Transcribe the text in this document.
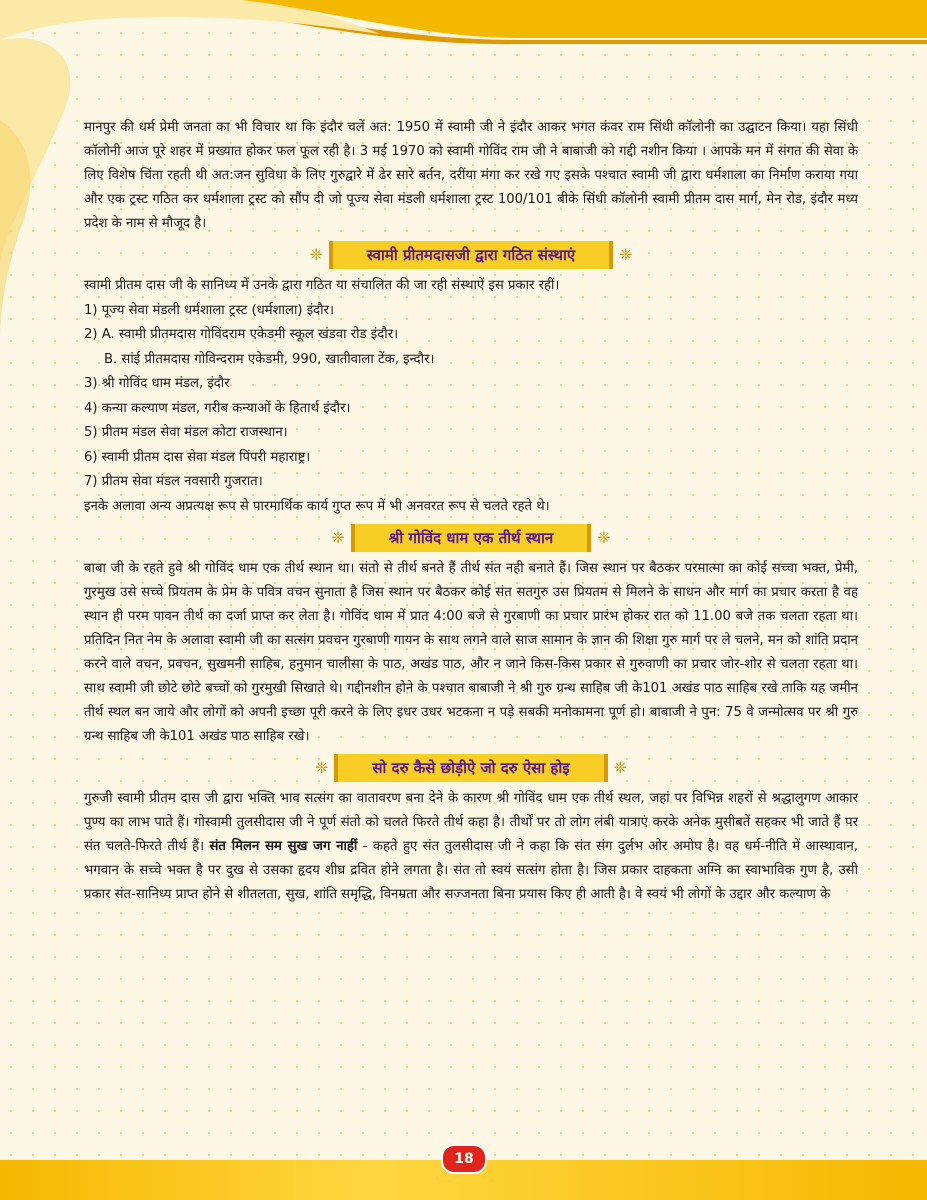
मानपुर की धर्म प्रेमी जनता का भी विचार था कि इंदौर चलें अत: 1950 में स्वामी जी ने इंदौर आकर भगत कंवर राम सिंधी कॉलोनी का उद्घाटन किया। यहा सिंधी कॉलोनी आज पूरे शहर में प्रख्यात होकर फल फूल रही है। 3 मई 1970 को स्वामी गोविंद राम जी ने बाबाजी को गद्दी नशीन किया । आपके मन में संगत की सेवा के लिए विशेष चिंता रहती थी अत:जन सुविधा के लिए गुरुद्वारे में ढेर सारे बर्तन, दरींया मंगा कर रखे गए इसके पश्चात स्वामी जी द्वारा धर्मशाला का निर्माण कराया गया और एक ट्रस्ट गठित कर धर्मशाला ट्रस्ट को सौंप दी जो पूज्य सेवा मंडली धर्मशाला ट्रस्ट 100/101 बीके सिंधी कॉलोनी स्वामी प्रीतम दास मार्ग, मेन रोड, इंदौर मध्य प्रदेश के नाम से मौजूद है।

❈	स्वामी प्रीतमदासजी द्वारा गठित संस्थाएं	❈

स्वामी प्रीतम दास जी के सानिध्य में उनके द्वारा गठित या संचालित की जा रही संस्थाऐं इस प्रकार रहीं।

1) पूज्य सेवा मंडली धर्मशाला ट्रस्ट (धर्मशाला) इंदौर।

2) A. स्वामी प्रीतमदास गोविंदराम एकेडमी स्कूल खंडवा रोड इंदौर।

B. सांई प्रीतमदास गोविन्दराम एकेडमी, 990, खातीवाला टेंक, इन्दौर।

3) श्री गोविंद धाम मंडल, इंदौर

4) कन्या कल्याण मंडल, गरीब कन्याओं के हितार्थ इंदौर।

5) प्रीतम मंडल सेवा मंडल कोटा राजस्थान।

6) स्वामी प्रीतम दास सेवा मंडल पिंपरी महाराष्ट्र।

7) प्रीतम सेवा मंडल नवसारी गुजरात।

इनके अलावा अन्य अप्रत्यक्ष रूप से पारमार्थिक कार्य गुप्त रूप में भी अनवरत रूप से चलते रहते थे।

❈	श्री गोविंद धाम एक तीर्थ स्थान	❈

बाबा जी के रहते हुवे श्री गोविंद धाम एक तीर्थ स्थान था। संतो से तीर्थ बनते हैं तीर्थ संत नही बनाते हैं। जिस स्थान पर बैठकर परमात्मा का कोई सच्चा भक्त, प्रेमी, गुरमुख उसे सच्चे प्रियतम के प्रेम के पवित्र वचन सुनाता है जिस स्थान पर बैठकर कोई संत सतगुरु उस प्रियतम से मिलने के साधन और मार्ग का प्रचार करता है वह स्थान ही परम पावन तीर्थ का दर्जा प्राप्त कर लेता है। गोविंद धाम में प्रात 4:00 बजे से गुरबाणी का प्रचार प्रारंभ होकर रात को 11.00 बजे तक चलता रहता था। प्रतिदिन नित नेम के अलावा स्वामी जी का सत्संग प्रवचन गुरबाणी गायन के साथ लगने वाले साज सामान के ज्ञान की शिक्षा गुरु मार्ग पर ले चलने, मन को शांति प्रदान करने वाले वचन, प्रवचन, सुखमनी साहिब, हनुमान चालीसा के पाठ, अखंड पाठ, और न जाने किस-किस प्रकार से गुरुवाणी का प्रचार जोर-शोर से चलता रहता था। साथ स्वामी जी छोटे छोटे बच्चों को गुरमुखी सिखाते थे। गद्दीनशीन होने के पश्चात बाबाजी ने श्री गुरु ग्रन्थ साहिब जी के101 अखंड पाठ साहिब रखे ताकि यह जमीन तीर्थ स्थल बन जाये और लोगों को अपनी इच्छा पूरी करने के लिए इधर उधर भटकना न पड़े सबकी मनोकामना पूर्ण हो। बाबाजी ने पुन: 75 वे जन्मोत्सव पर श्री गुरु ग्रन्थ साहिब जी के101 अखंड पाठ साहिब रखे।

❈	सो दरु कैसे छोड़ीऐ जो दरु ऐसा होइ	❈

गुरुजी स्वामी प्रीतम दास जी द्वारा भक्ति भाव सत्संग का वातावरण बना देने के कारण श्री गोविंद धाम एक तीर्थ स्थल, जहां पर विभिन्न शहरों से श्रद्धालुगण आकार पुण्य का लाभ पाते हैं। गोस्वामी तुलसीदास जी ने पूर्ण संतो को चलते फिरते तीर्थ कहा है। तीर्थों पर तो लोग लंबी यात्राएं करके अनेक मुसीबतें सहकर भी जाते हैं पर संत चलते-फिरते तीर्थ हैं। संत मिलन सम सुख जग नाहीं - कहते हुए संत तुलसीदास जी ने कहा कि संत संग दुर्लभ ओर अमोघ है। वह धर्म-नीति में आस्थावान, भगवान के सच्चे भक्त है पर दुख से उसका हृदय शीघ्र द्रवित होने लगता है। संत तो स्वयं सत्संग होता है। जिस प्रकार दाहकता अग्नि का स्वाभाविक गुण है, उसी प्रकार संत-सानिध्य प्राप्त होने से शीतलता, सुख, शांति समृद्धि, विनम्रता और सज्जनता बिना प्रयास किए ही आती है। वे स्वयं भी लोगों के उद्दार और कल्याण के

18
